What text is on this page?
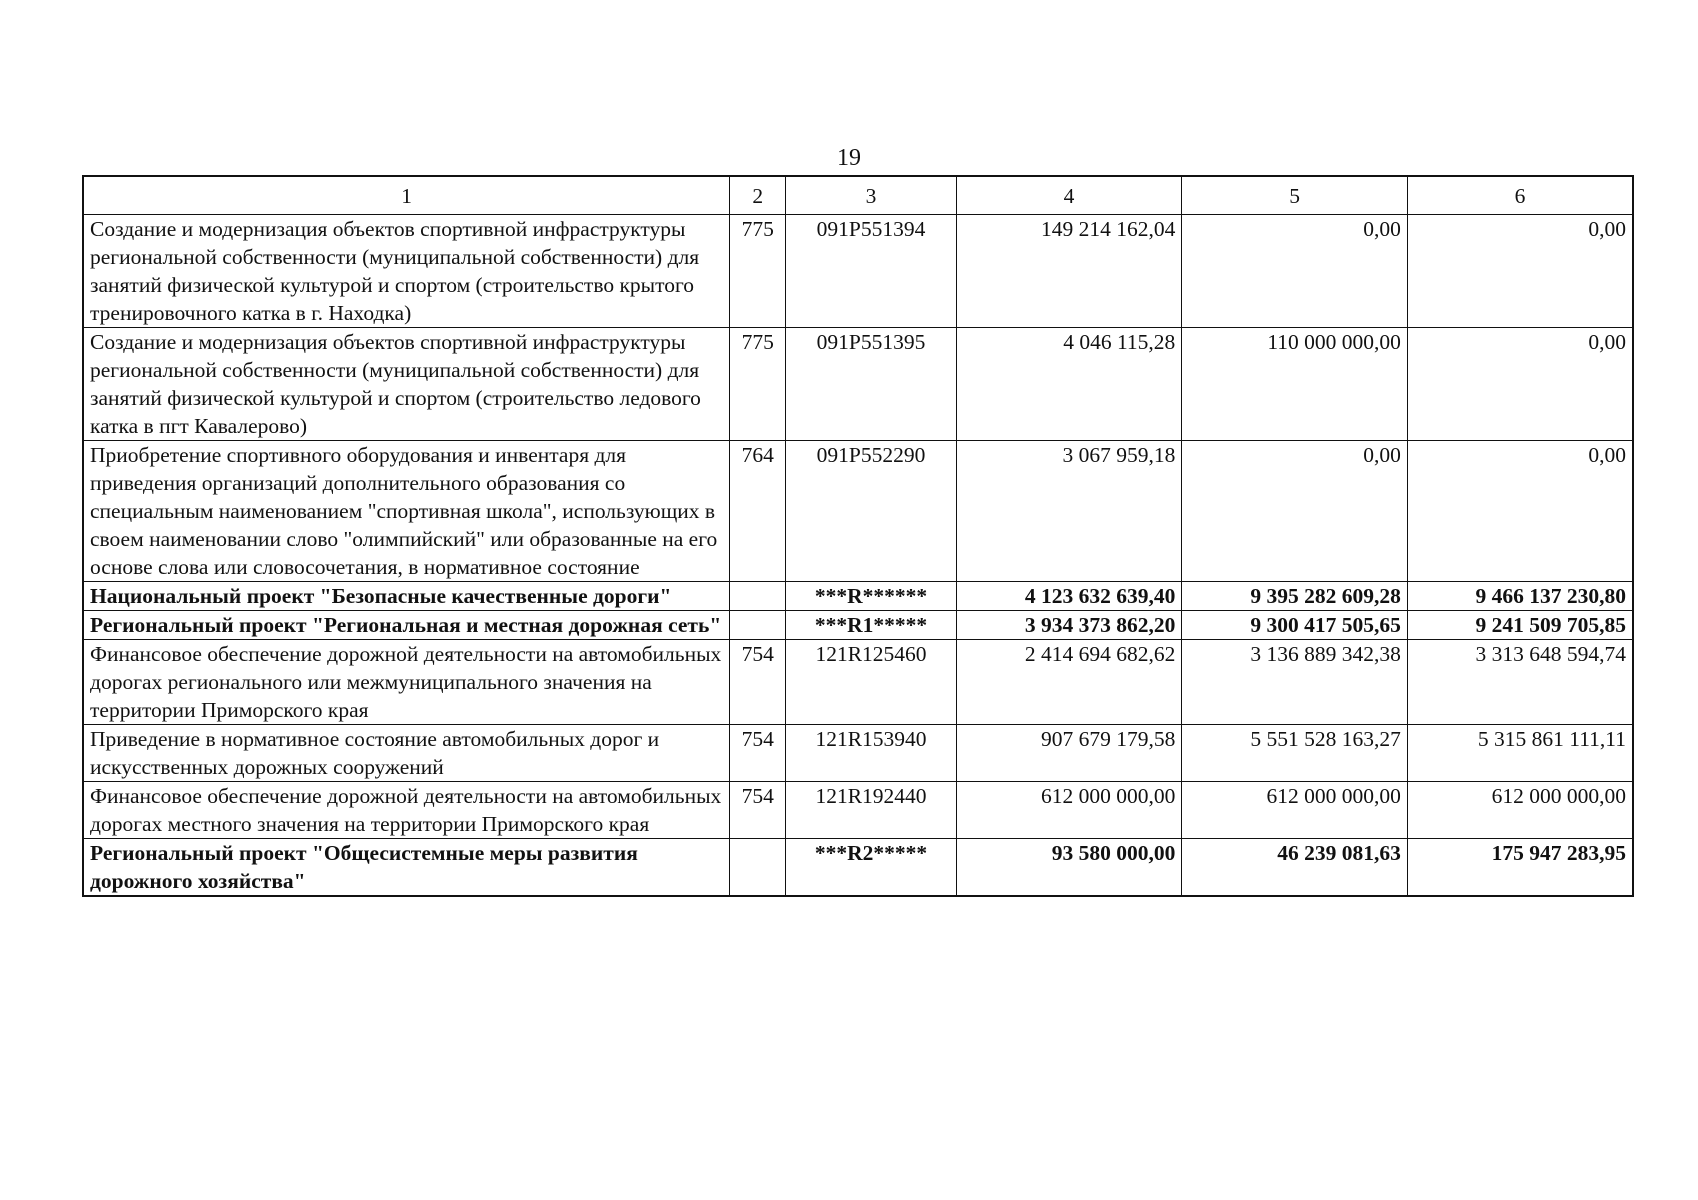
19
1	2	3	4	5	6
Создание и модернизация объектов спортивной инфраструктуры региональной собственности (муниципальной собственности) для занятий физической культурой и спортом (строительство крытого тренировочного катка в г. Находка)	775	091P551394	149 214 162,04	0,00	0,00
Создание и модернизация объектов спортивной инфраструктуры региональной собственности (муниципальной собственности) для занятий физической культурой и спортом (строительство ледового катка в пгт Кавалерово)	775	091P551395	4 046 115,28	110 000 000,00	0,00
Приобретение спортивного оборудования и инвентаря для приведения организаций дополнительного образования со специальным наименованием "спортивная школа", использующих в своем наименовании слово "олимпийский" или образованные на его основе слова или словосочетания, в нормативное состояние	764	091P552290	3 067 959,18	0,00	0,00
Национальный проект "Безопасные качественные дороги"		***R******	4 123 632 639,40	9 395 282 609,28	9 466 137 230,80
Региональный проект "Региональная и местная дорожная сеть"		***R1*****	3 934 373 862,20	9 300 417 505,65	9 241 509 705,85
Финансовое обеспечение дорожной деятельности на автомобильных дорогах регионального или межмуниципального значения на территории Приморского края	754	121R125460	2 414 694 682,62	3 136 889 342,38	3 313 648 594,74
Приведение в нормативное состояние автомобильных дорог и искусственных дорожных сооружений	754	121R153940	907 679 179,58	5 551 528 163,27	5 315 861 111,11
Финансовое обеспечение дорожной деятельности на автомобильных дорогах местного значения на территории Приморского края	754	121R192440	612 000 000,00	612 000 000,00	612 000 000,00
Региональный проект "Общесистемные меры развития дорожного хозяйства"		***R2*****	93 580 000,00	46 239 081,63	175 947 283,95
